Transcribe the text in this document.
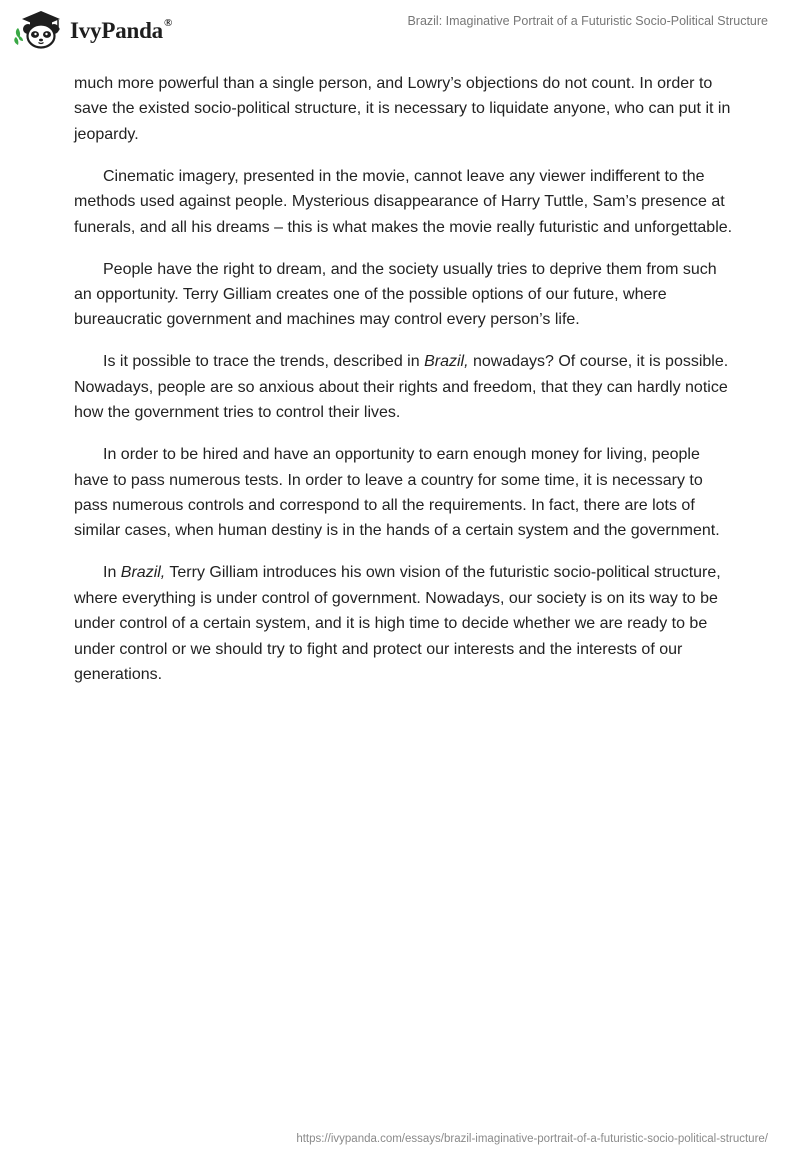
IvyPanda®	Brazil: Imaginative Portrait of a Futuristic Socio-Political Structure

much more powerful than a single person, and Lowry’s objections do not count. In order to save the existed socio-political structure, it is necessary to liquidate anyone, who can put it in jeopardy.

Cinematic imagery, presented in the movie, cannot leave any viewer indifferent to the methods used against people. Mysterious disappearance of Harry Tuttle, Sam’s presence at funerals, and all his dreams – this is what makes the movie really futuristic and unforgettable.

People have the right to dream, and the society usually tries to deprive them from such an opportunity. Terry Gilliam creates one of the possible options of our future, where bureaucratic government and machines may control every person’s life.

Is it possible to trace the trends, described in Brazil, nowadays? Of course, it is possible. Nowadays, people are so anxious about their rights and freedom, that they can hardly notice how the government tries to control their lives.

In order to be hired and have an opportunity to earn enough money for living, people have to pass numerous tests. In order to leave a country for some time, it is necessary to pass numerous controls and correspond to all the requirements. In fact, there are lots of similar cases, when human destiny is in the hands of a certain system and the government.

In Brazil, Terry Gilliam introduces his own vision of the futuristic socio-political structure, where everything is under control of government. Nowadays, our society is on its way to be under control of a certain system, and it is high time to decide whether we are ready to be under control or we should try to fight and protect our interests and the interests of our generations.

https://ivypanda.com/essays/brazil-imaginative-portrait-of-a-futuristic-socio-political-structure/
